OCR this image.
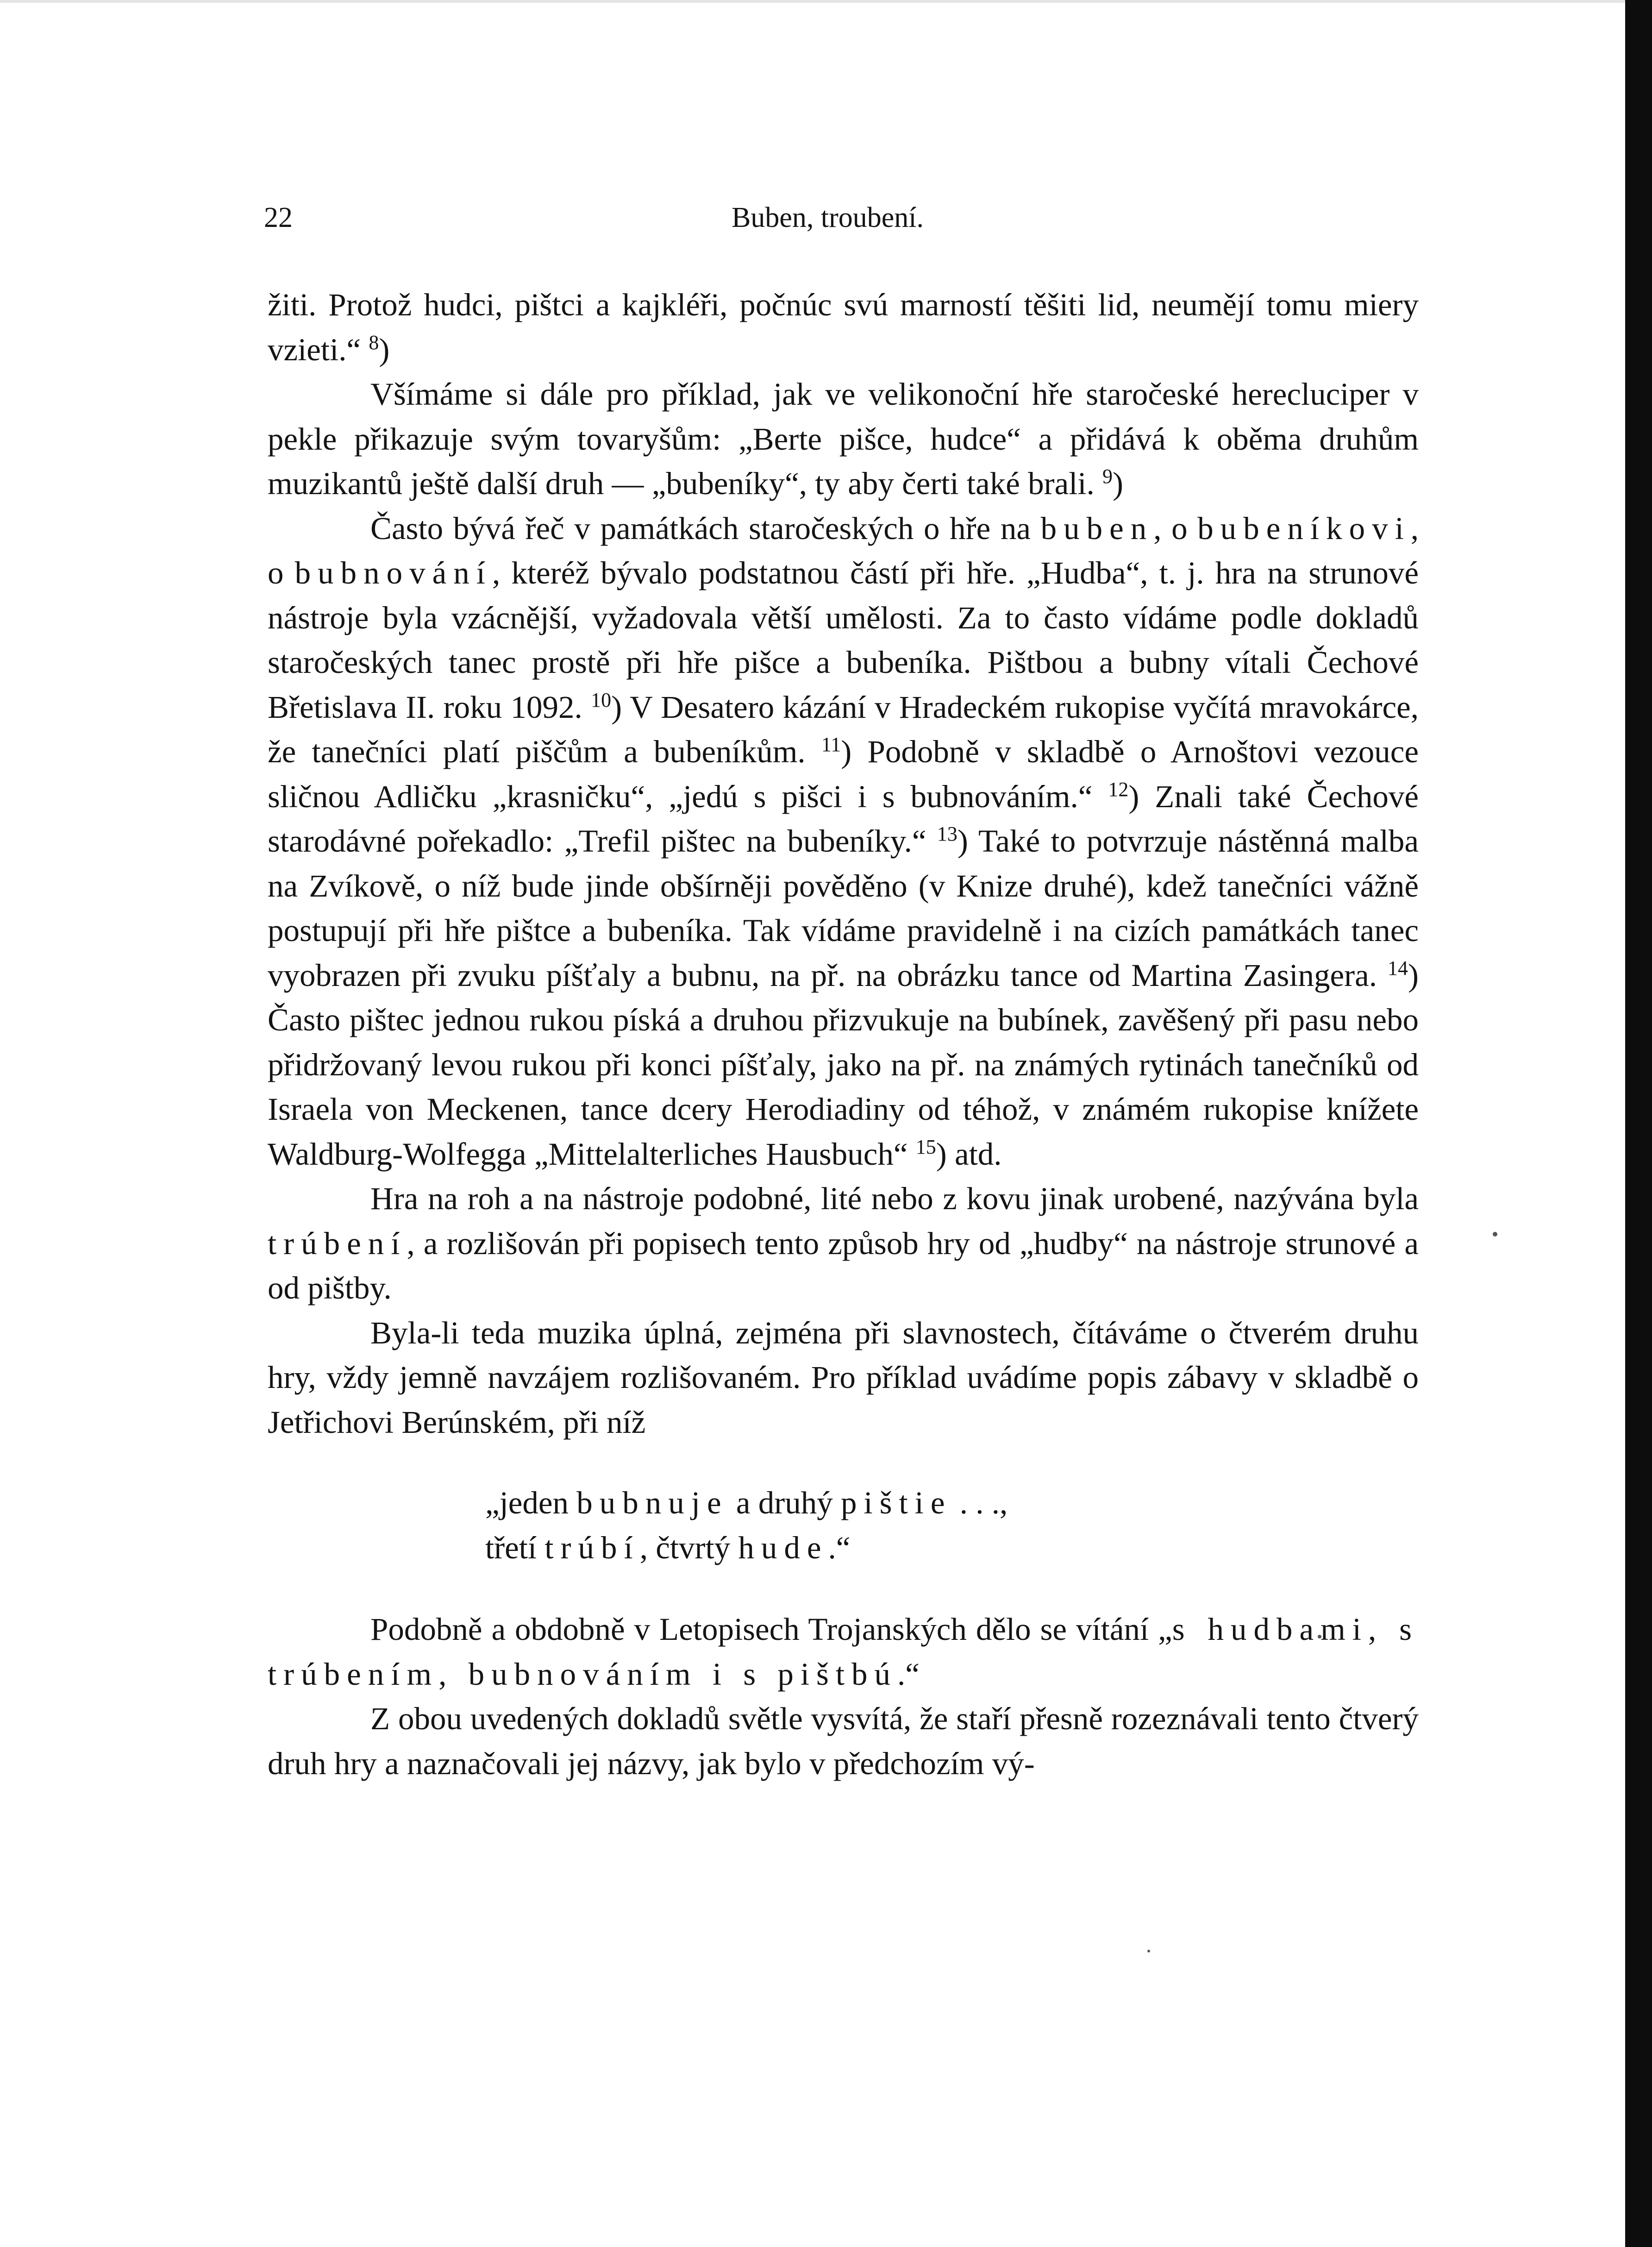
22	Buben, troubení.

žiti. Protož hudci, pištci a kajkléři, počnúc svú marností těšiti lid, neumějí tomu miery vzieti.“ $^8$)

Všímáme si dále pro příklad, jak ve velikonoční hře staročeské herecluciper v pekle přikazuje svým tovaryšům: „Berte pišce, hudce“ a přidává k oběma druhům muzikantů ještě další druh — „bubeníky“, ty aby čerti také brali. $^9$)

Často bývá řeč v památkách staročeských o hře na buben, o bubeníkovi, o bubnování, kteréž bývalo podstatnou částí při hře. „Hudba“, t. j. hra na strunové nástroje byla vzácnější, vyžadovala větší umělosti. Za to často vídáme podle dokladů staročeských tanec prostě při hře pišce a bubeníka. Pištbou a bubny vítali Čechové Břetislava II. roku 1092. $^{10}$) V Desatero kázání v Hradeckém rukopise vyčítá mravokárce, že tanečníci platí piščům a bubeníkům. $^{11}$) Podobně v skladbě o Arnoštovi vezouce sličnou Adličku „krasničku“, „jedú s pišci i s bubnováním.“ $^{12}$) Znali také Čechové starodávné pořekadlo: „Trefil pištec na bubeníky.“ $^{13}$) Také to potvrzuje nástěnná malba na Zvíkově, o níž bude jinde obšírněji pověděno (v Knize druhé), kdež tanečníci vážně postupují při hře pištce a bubeníka. Tak vídáme pravidelně i na cizích památkách tanec vyobrazen při zvuku píšťaly a bubnu, na př. na obrázku tance od Martina Zasingera. $^{14}$) Často pištec jednou rukou píská a druhou přizvukuje na bubínek, zavěšený při pasu nebo přidržovaný levou rukou při konci píšťaly, jako na př. na známých rytinách tanečníků od Israela von Meckenen, tance dcery Herodiadiny od téhož, v známém rukopise knížete Waldburg-Wolfegga „Mittelalterliches Hausbuch“ $^{15}$) atd.

Hra na roh a na nástroje podobné, lité nebo z kovu jinak urobené, nazývána byla trúbení, a rozlišován při popisech tento způsob hry od „hudby“ na nástroje strunové a od pištby.

Byla-li teda muzika úplná, zejména při slavnostech, čítáváme o čtverém druhu hry, vždy jemně navzájem rozlišovaném. Pro příklad uvádíme popis zábavy v skladbě o Jetřichovi Berúnském, při níž

„jeden bubnuje a druhý pištie . . .,
třetí trúbí, čtvrtý hude.“

Podobně a obdobně v Letopisech Trojanských dělo se vítání „s hudbami, s trúbením, bubnováním i s pištbú.“

Z obou uvedených dokladů světle vysvítá, že staří přesně rozeznávali tento čtverý druh hry a naznačovali jej názvy, jak bylo v předchozím vý-
